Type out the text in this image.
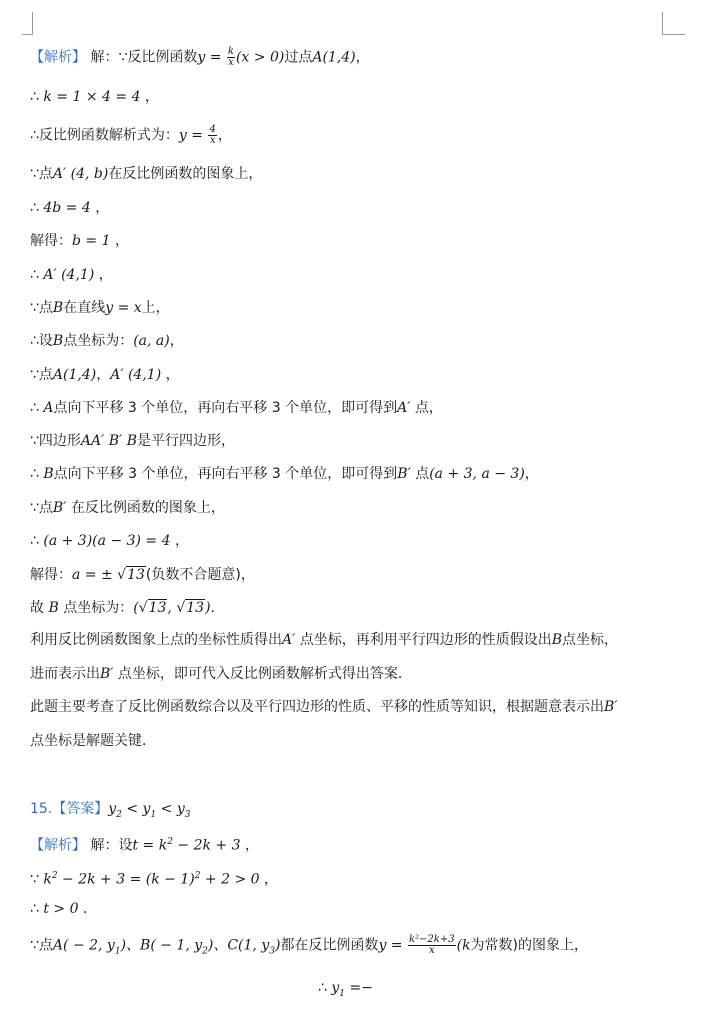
【解析】 解：∵反比例函数$y = \frac{k}{x} (x > 0)$过点A(1,4)，
∴ k = 1 × 4 = 4 ，
∴反比例函数解析式为：$y = \frac{4}{x}$ ，
∵点A′ (4, b)在反比例函数的图象上，
∴ 4b = 4 ，
解得：b = 1 ，
∴ A′ (4,1) ，
∵点B在直线y = x上，
∴设B点坐标为：(a, a)，
∵点A(1,4)，A′ (4,1) ，
∴ A点向下平移 3 个单位，再向右平移 3 个单位，即可得到A′ 点，
∵四边形AA′ B′ B是平行四边形，
∴ B点向下平移 3 个单位，再向右平移 3 个单位，即可得到B′ 点(a + 3, a − 3)，
∵点B′ 在反比例函数的图象上，
∴ (a + 3)(a − 3) = 4 ，
解得：a = ± √13(负数不合题意)，
故 B 点坐标为：(√13, √13).
利用反比例函数图象上点的坐标性质得出A′ 点坐标，再利用平行四边形的性质假设出B点坐标，
进而表示出B′ 点坐标，即可代入反比例函数解析式得出答案．
此题主要考查了反比例函数综合以及平行四边形的性质、平移的性质等知识，根据题意表示出B′
点坐标是解题关键．
15.【答案】$y_2 < y_1 < y_3$
【解析】 解：设$t = k^2 - 2k + 3$ ，
∵ $k^2 - 2k + 3 = (k - 1)^2 + 2 > 0$ ，
∴ t > 0 .
∵点A( − 2, $y_1$)、B( − 1, $y_2$)、C(1, $y_3$)都在反比例函数$y = \frac{\text{k²−2k+3}}{x} (k$为常数)的图象上，
∴ $y_1$ =−
